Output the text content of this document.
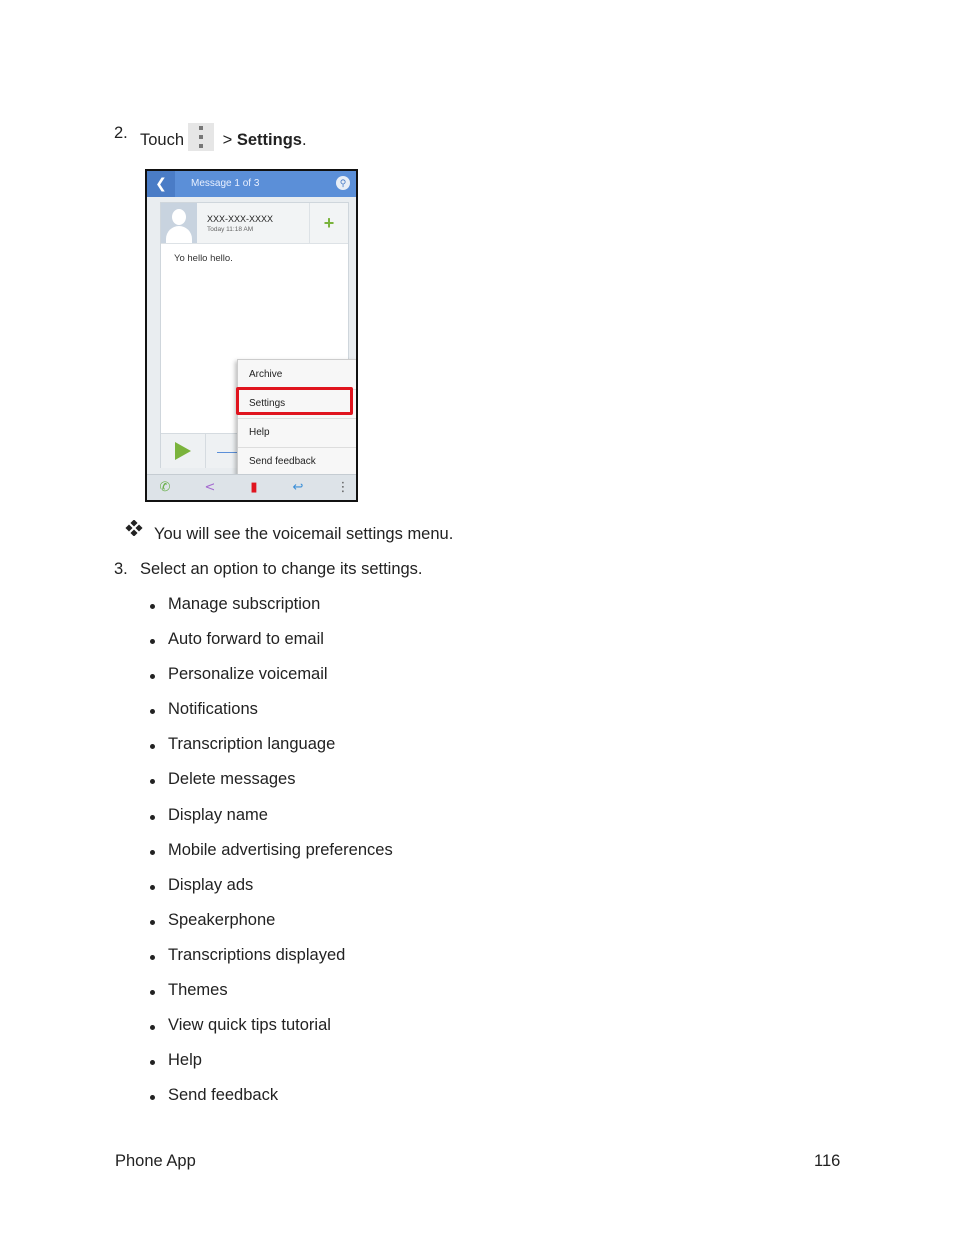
2. Touch > Settings.
❮	Message 1 of 3	⚲
XXX-XXX-XXXX
Today 11:18 AM	+
Yo hello hello.
Archive
Settings
Help
Send feedback
✆	<	▮	↩	⋮
You will see the voicemail settings menu.
3. Select an option to change its settings.
Manage subscription
Auto forward to email
Personalize voicemail
Notifications
Transcription language
Delete messages
Display name
Mobile advertising preferences
Display ads
Speakerphone
Transcriptions displayed
Themes
View quick tips tutorial
Help
Send feedback
Phone App	116
